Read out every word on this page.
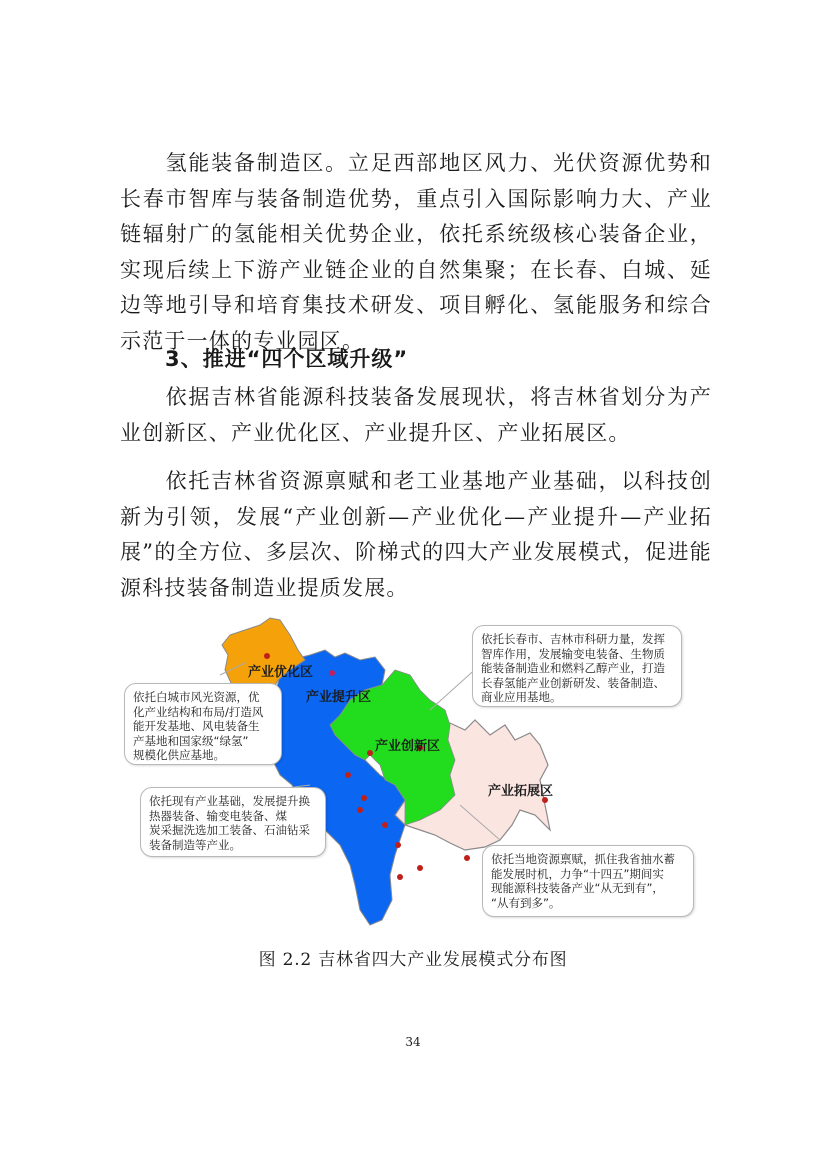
氢能装备制造区。立足西部地区风力、光伏资源优势和长春市智库与装备制造优势，重点引入国际影响力大、产业链辐射广的氢能相关优势企业，依托系统级核心装备企业，实现后续上下游产业链企业的自然集聚；在长春、白城、延边等地引导和培育集技术研发、项目孵化、氢能服务和综合示范于一体的专业园区。

3、推进“四个区域升级”

依据吉林省能源科技装备发展现状，将吉林省划分为产业创新区、产业优化区、产业提升区、产业拓展区。

依托吉林省资源禀赋和老工业基地产业基础，以科技创新为引领，发展“产业创新—产业优化—产业提升—产业拓展”的全方位、多层次、阶梯式的四大产业发展模式，促进能源科技装备制造业提质发展。

产业优化区
产业提升区
产业创新区
产业拓展区
依托白城市风光资源，优
化产业结构和布局/打造风
能开发基地、风电装备生
产基地和国家级“绿氢”
规模化供应基地。
依托长春市、吉林市科研力量，发挥
智库作用，发展输变电装备、生物质
能装备制造业和燃料乙醇产业，打造
长春氢能产业创新研发、装备制造、
商业应用基地。
依托现有产业基础，发展提升换
热器装备、输变电装备、煤
炭采掘洗选加工装备、石油钻采
装备制造等产业。
依托当地资源禀赋，抓住我省抽水蓄
能发展时机，力争“十四五”期间实
现能源科技装备产业“从无到有”，
“从有到多”。
图 2.2 吉林省四大产业发展模式分布图
34
